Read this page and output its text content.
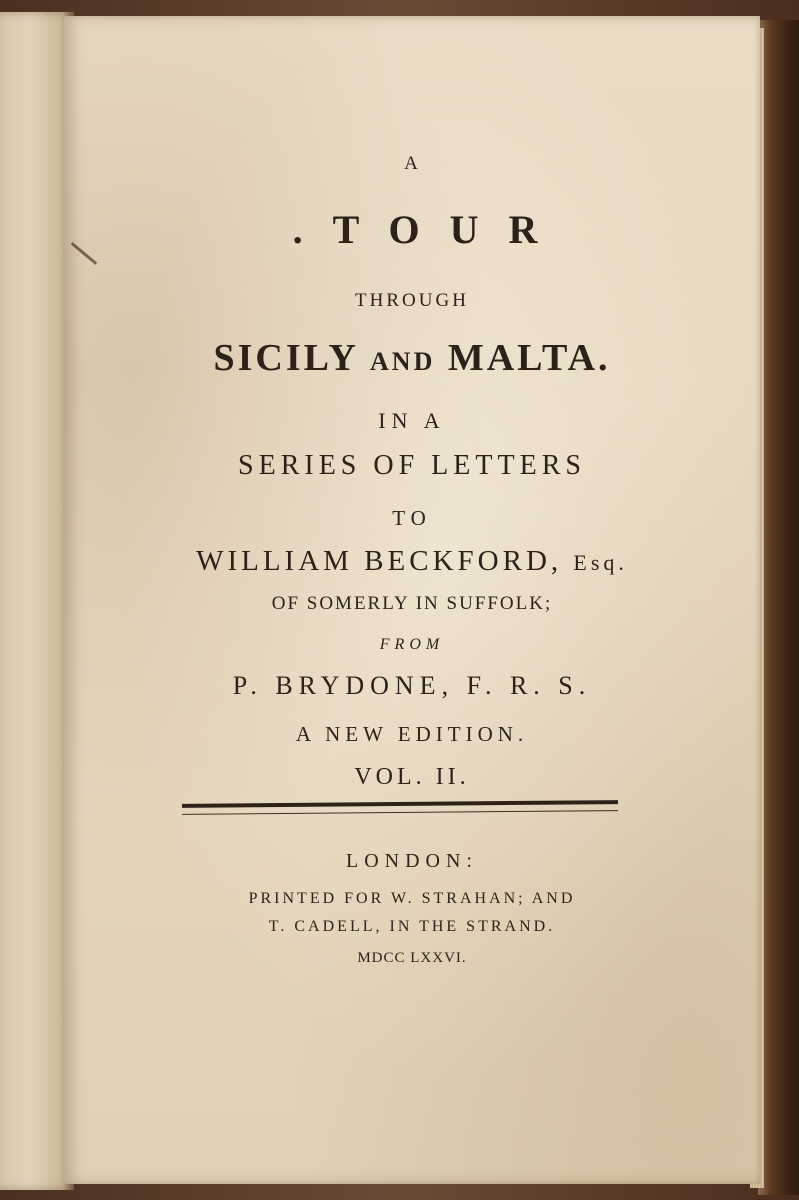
A
.TOUR
THROUGH
SICILY AND MALTA.
IN A
SERIES OF LETTERS
TO
WILLIAM BECKFORD, Esq.
OF SOMERLY IN SUFFOLK;
FROM
P. BRYDONE, F. R. S.
A NEW EDITION.
VOL. II.
LONDON:
PRINTED FOR W. STRAHAN; AND
T. CADELL, IN THE STRAND.
MDCC LXXVI.
